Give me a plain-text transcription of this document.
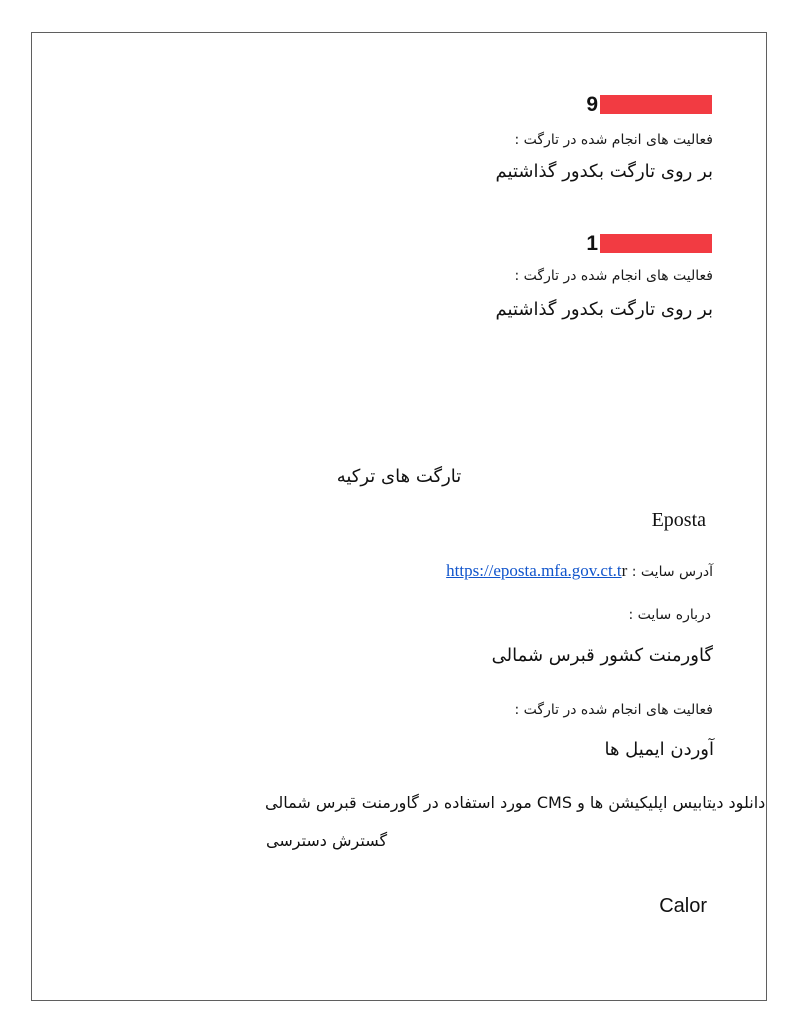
9
فعالیت های انجام شده در تارگت :
بر روی تارگت بکدور گذاشتیم
1
فعالیت های انجام شده در تارگت :
بر روی تارگت بکدور گذاشتیم
تارگت های ترکیه
Eposta
آدرس سایت : https://eposta.mfa.gov.ct.tr
درباره سایت :
گاورمنت کشور قبرس شمالی
فعالیت های انجام شده در تارگت :
آوردن ایمیل ها
دانلود دیتابیس اپلیکیشن ها و CMS مورد استفاده در گاورمنت قبرس شمالی
گسترش دسترسی
Calor
